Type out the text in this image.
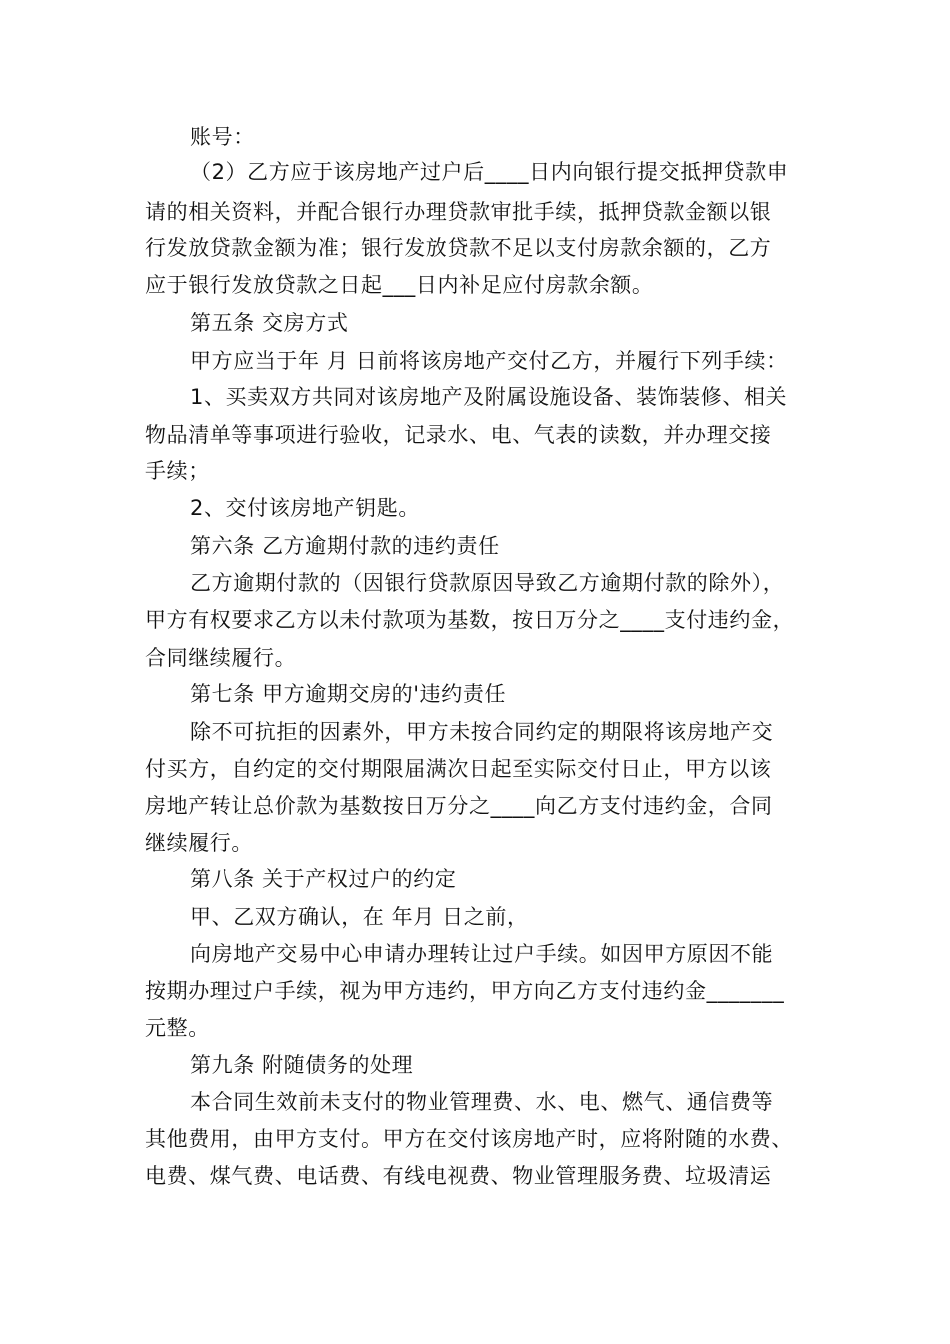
账号：
（2）乙方应于该房地产过户后____日内向银行提交抵押贷款申
请的相关资料，并配合银行办理贷款审批手续，抵押贷款金额以银
行发放贷款金额为准；银行发放贷款不足以支付房款余额的，乙方
应于银行发放贷款之日起___日内补足应付房款余额。
第五条 交房方式
甲方应当于年 月 日前将该房地产交付乙方，并履行下列手续：
1、买卖双方共同对该房地产及附属设施设备、装饰装修、相关
物品清单等事项进行验收，记录水、电、气表的读数，并办理交接
手续；
2、交付该房地产钥匙。
第六条 乙方逾期付款的违约责任
乙方逾期付款的（因银行贷款原因导致乙方逾期付款的除外），
甲方有权要求乙方以未付款项为基数，按日万分之____支付违约金，
合同继续履行。
第七条 甲方逾期交房的'违约责任
除不可抗拒的因素外，甲方未按合同约定的期限将该房地产交
付买方，自约定的交付期限届满次日起至实际交付日止，甲方以该
房地产转让总价款为基数按日万分之____向乙方支付违约金，合同
继续履行。
第八条 关于产权过户的约定
甲、乙双方确认，在 年月 日之前，
向房地产交易中心申请办理转让过户手续。如因甲方原因不能
按期办理过户手续，视为甲方违约，甲方向乙方支付违约金_______
元整。
第九条 附随债务的处理
本合同生效前未支付的物业管理费、水、电、燃气、通信费等
其他费用，由甲方支付。甲方在交付该房地产时，应将附随的水费、
电费、煤气费、电话费、有线电视费、物业管理服务费、垃圾清运
